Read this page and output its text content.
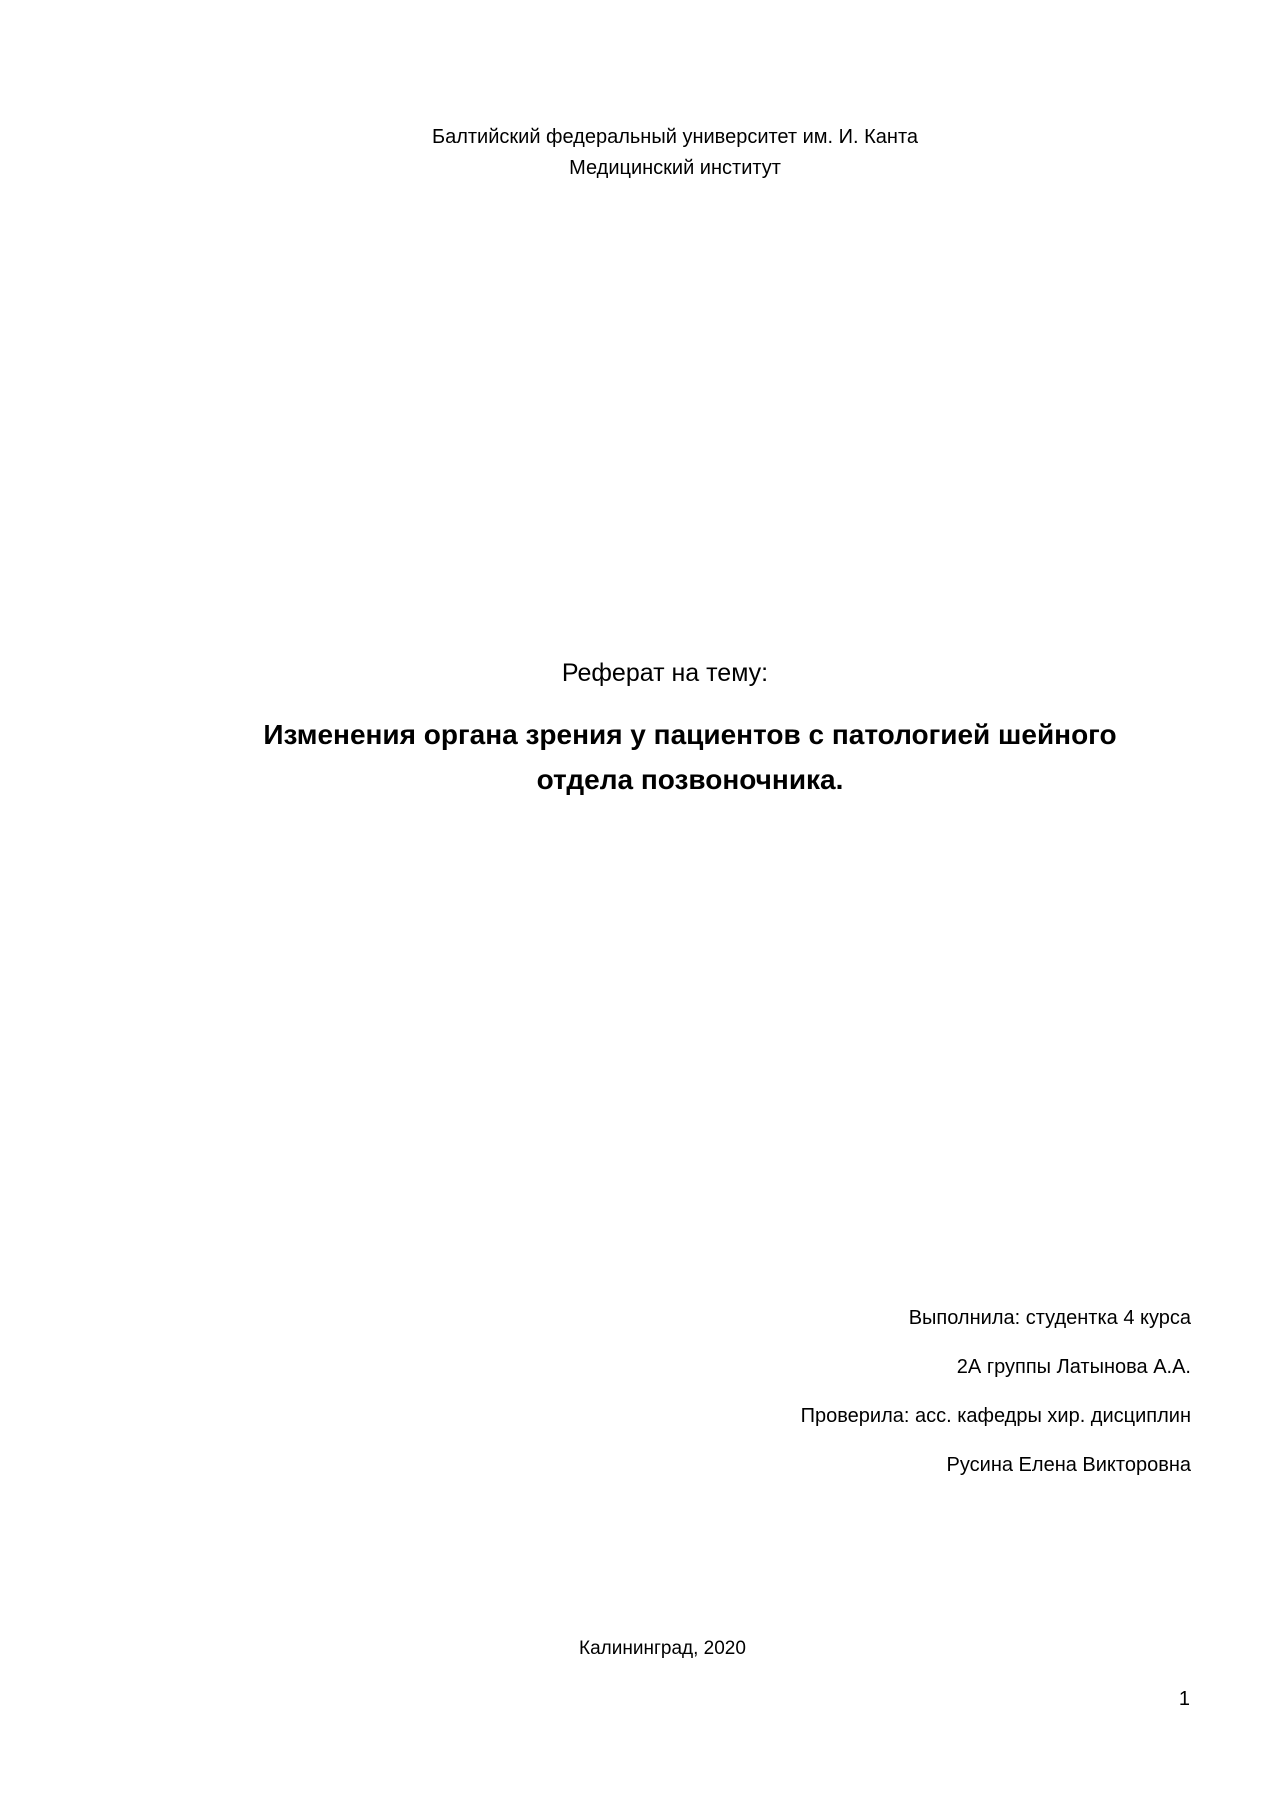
Балтийский федеральный университет им. И. Канта
Медицинский институт
Реферат на тему:
Изменения органа зрения у пациентов с патологией шейного
отдела позвоночника.
Выполнила: студентка 4 курса
2А группы Латынова А.А.
Проверила: асс. кафедры хир. дисциплин
Русина Елена Викторовна
Калининград, 2020
1
